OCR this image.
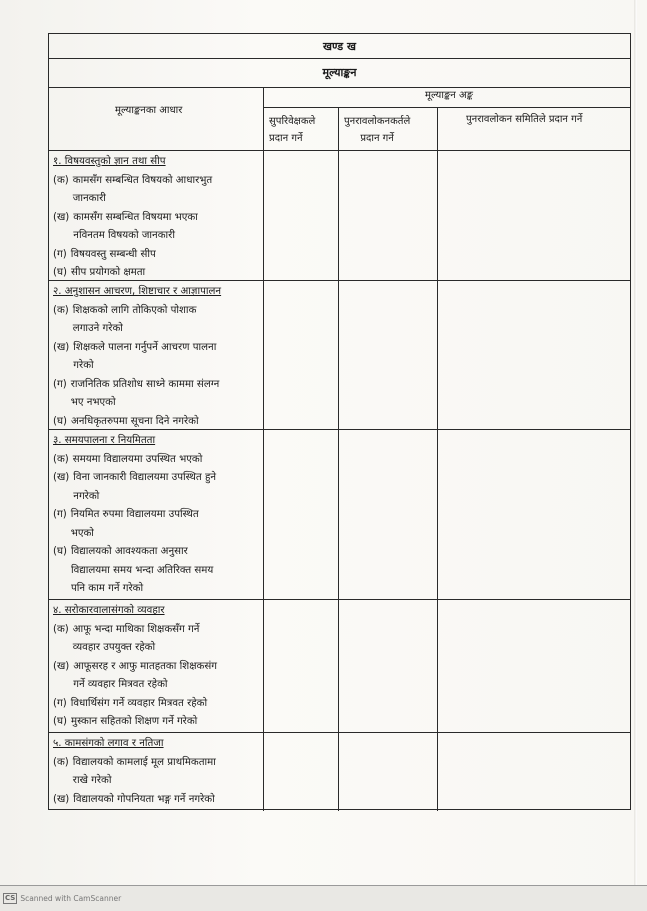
खण्ड ख
मूल्याङ्कन
मूल्याङ्कनका आधार
मूल्याङ्कन अङ्क
सुपरिवेक्षकले
प्रदान गर्ने
पुनरावलोकनकर्तले
प्रदान गर्ने
पुनरावलोकन समितिले प्रदान गर्ने
१. विषयवस्तुको ज्ञान तथा सीप
(क) कामसँग सम्बन्धित विषयको आधारभुत
जानकारी
(ख) कामसँग सम्बन्धित विषयमा भएका
नविनतम विषयको जानकारी
(ग) विषयवस्तु सम्बन्धी सीप
(घ) सीप प्रयोगको क्षमता
२. अनुशासन आचरण, शिष्टाचार र आज्ञापालन
(क) शिक्षकको लागि तोकिएको पोशाक
लगाउने गरेको
(ख) शिक्षकले पालना गर्नुपर्ने आचरण पालना
गरेको
(ग) राजनितिक प्रतिशोध साध्ने काममा संलग्न
भए नभएको
(घ) अनधिकृतरुपमा सूचना दिने नगरेको
३. समयपालना र नियमितता
(क) समयमा विद्यालयमा उपस्थित भएको
(ख) विना जानकारी विद्यालयमा उपस्थित हुने
नगरेको
(ग) नियमित रुपमा विद्यालयमा उपस्थित
भएको
(घ) विद्यालयको आवश्यकता अनुसार
विद्यालयमा समय भन्दा अतिरिक्त समय
पनि काम गर्ने गरेको
४. सरोकारवालासंगको व्यवहार
(क) आफू भन्दा माथिका शिक्षकसँग गर्ने
व्यवहार उपयुक्त रहेको
(ख) आफूसरह र आफु मातहतका शिक्षकसंग
गर्ने व्यवहार मित्रवत रहेको
(ग) विधार्थिसंग गर्ने व्यवहार मित्रवत रहेको
(घ) मुस्कान सहितको शिक्षण गर्ने गरेको
५. कामसंगको लगाव र नतिजा
(क) विद्यालयको कामलाई मूल प्राथमिकतामा
राखे गरेको
(ख) विद्यालयको गोपनियता भङ्ग गर्ने नगरेको
CS Scanned with CamScanner
